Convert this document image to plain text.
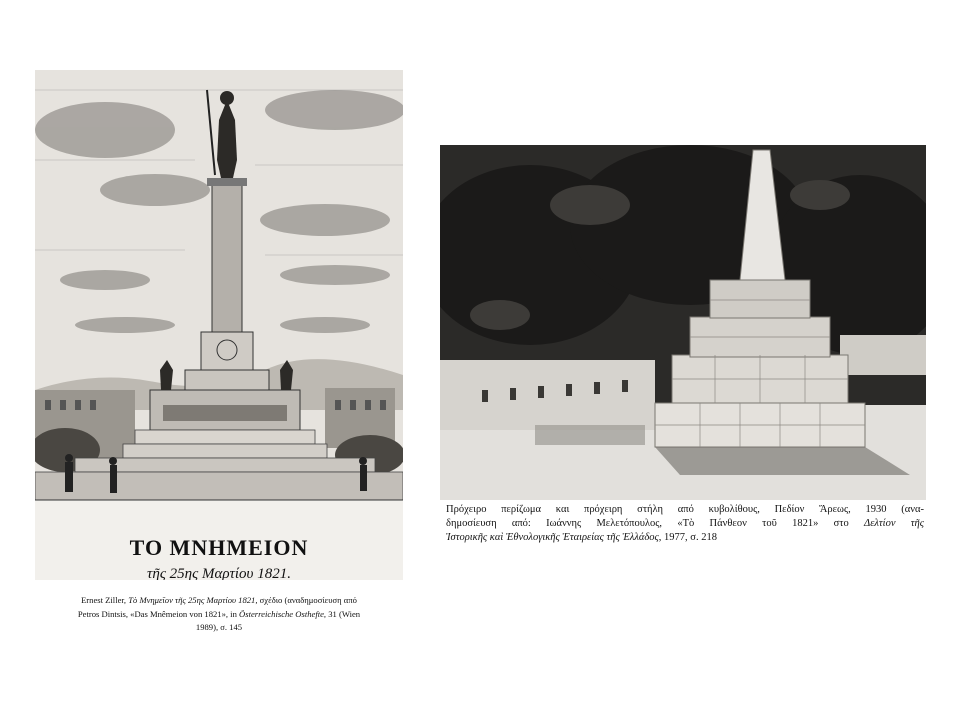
ΤΟ ΜΝΗΜΕΙΟΝ
τῆς 25ης Μαρτίου 1821.
Ernest Ziller, Τὸ Μνημεῖον τῆς 25ης Μαρτίου 1821, σχέδιο (αναδημοσίευση από
Petros Dintsis, «Das Mnêmeion von 1821», in Österreichische Osthefte, 31 (Wien
1989), σ. 145
Πρόχειρο περίζωμα και πρόχειρη στήλη από κυβολίθους, Πεδίον Ἄρεως, 1930 (ανα-
δημοσίευση από: Ιωάννης Μελετόπουλος, «Τὸ Πάνθεον τοῦ 1821» στο Δελτίον τῆς
Ἱστορικῆς καὶ Ἐθνολογικῆς Ἑταιρείας τῆς Ἑλλάδος, 1977, σ. 218
